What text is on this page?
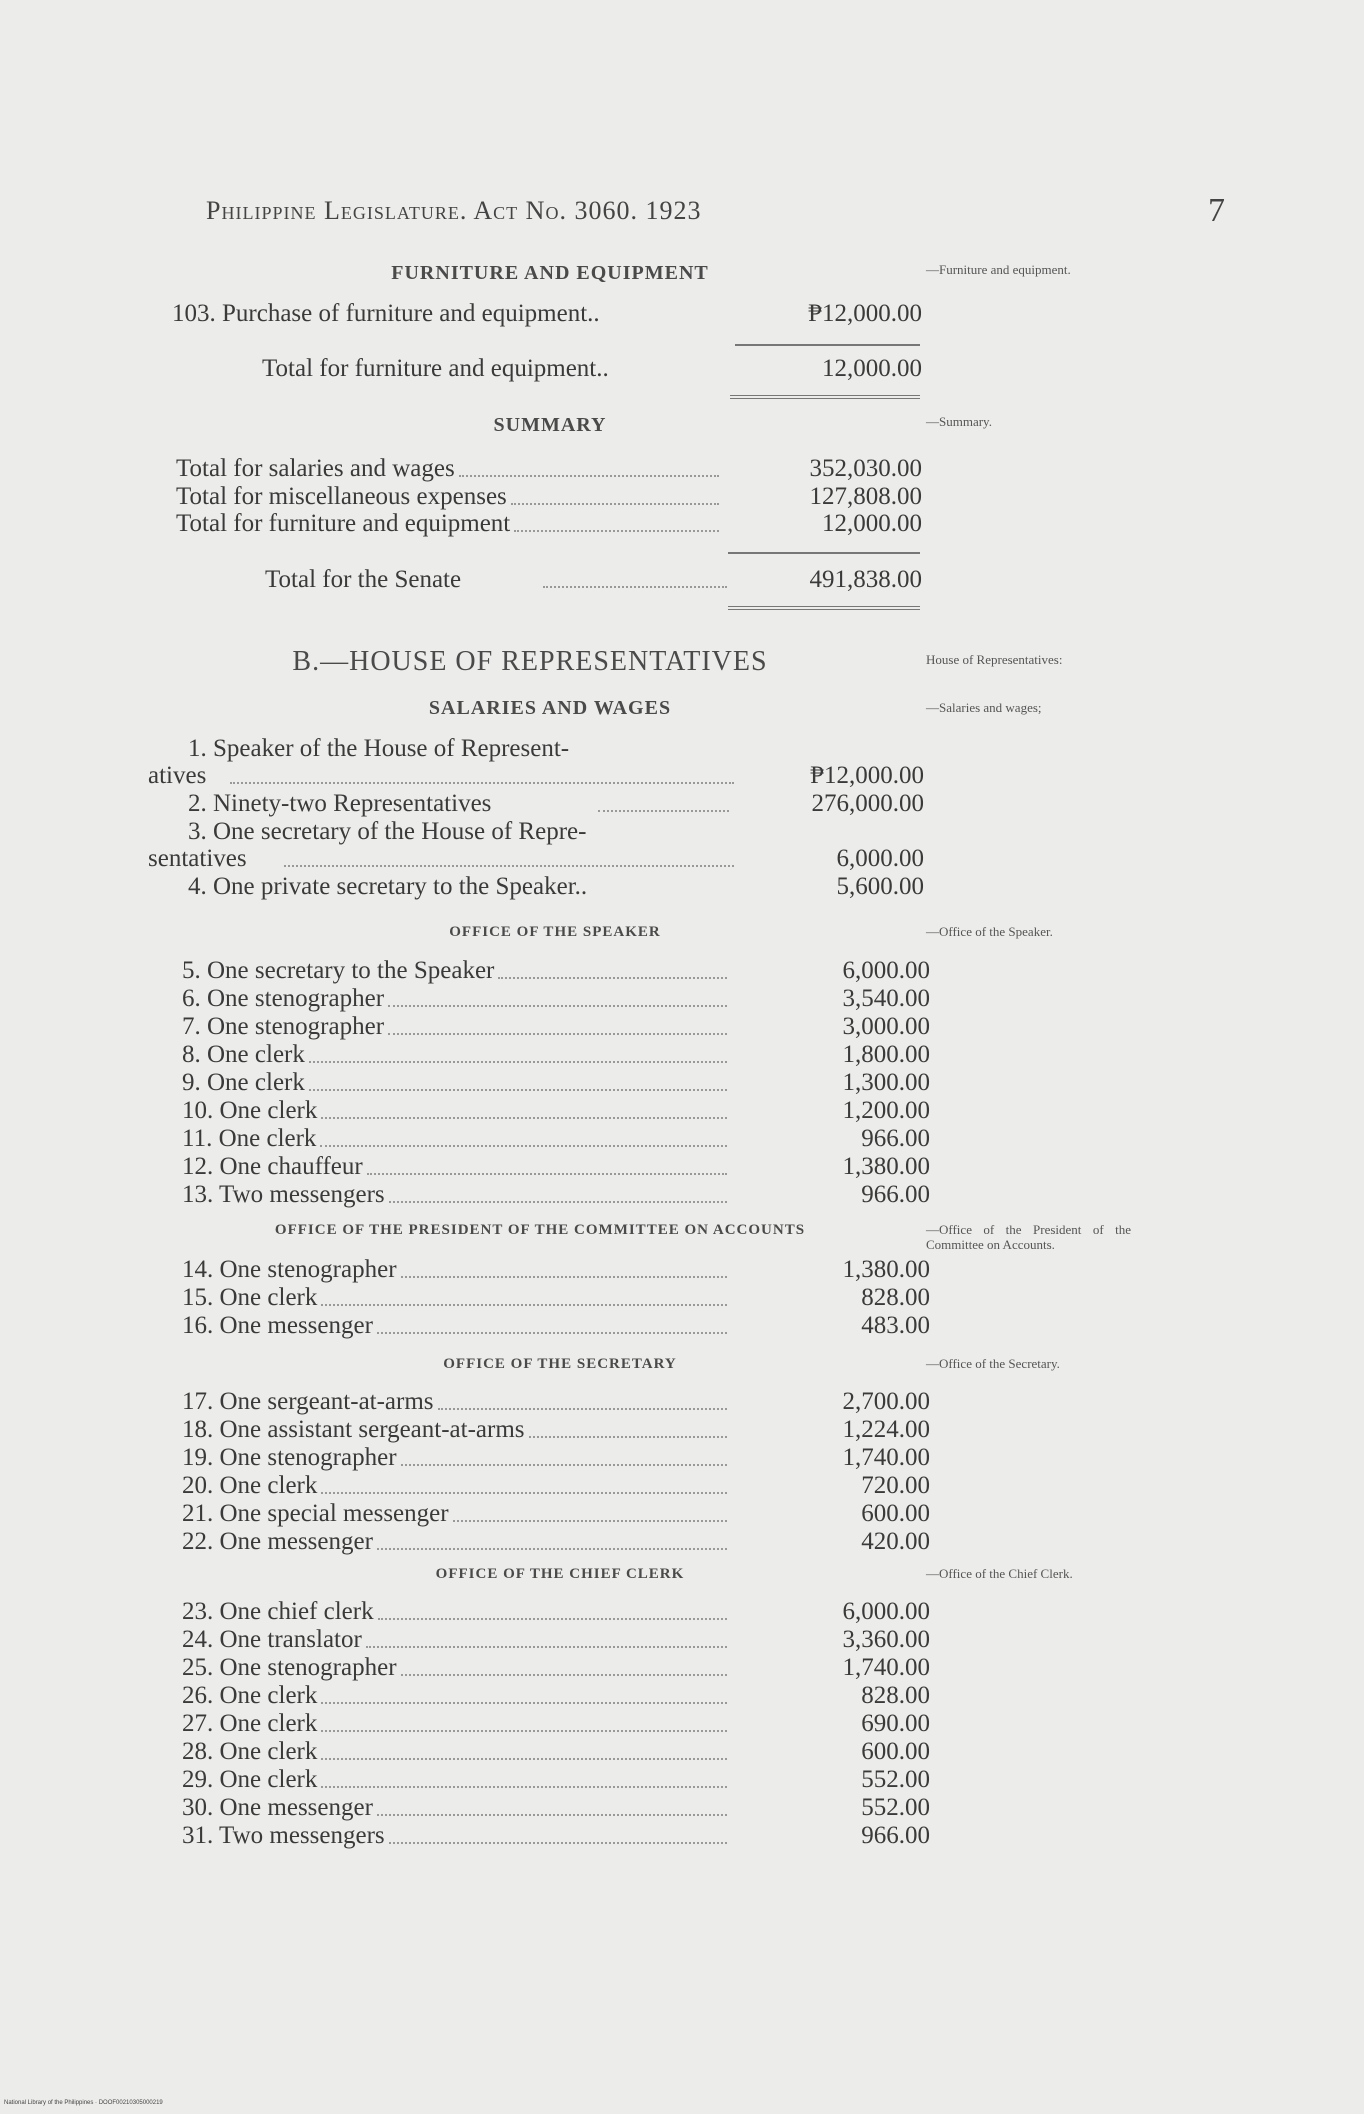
Philippine Legislature. Act No. 3060. 1923	7
FURNITURE AND EQUIPMENT	—Furniture and equipment.
103. Purchase of furniture and equipment..	₱12,000.00
Total for furniture and equipment..	12,000.00
SUMMARY	—Summary.
Total for salaries and wages	352,030.00
Total for miscellaneous expenses	127,808.00
Total for furniture and equipment	12,000.00
Total for the Senate	491,838.00
B.—HOUSE OF REPRESENTATIVES	House of Representatives:
SALARIES AND WAGES	—Salaries and wages;
1. Speaker of the House of Represent-
atives	₱12,000.00
2. Ninety-two Representatives	276,000.00
3. One secretary of the House of Repre-
sentatives	6,000.00
4. One private secretary to the Speaker..	5,600.00
OFFICE OF THE SPEAKER	—Office of the Speaker.
5. One secretary to the Speaker	6,000.00
6. One stenographer	3,540.00
7. One stenographer	3,000.00
8. One clerk	1,800.00
9. One clerk	1,300.00
10. One clerk	1,200.00
11. One clerk	966.00
12. One chauffeur	1,380.00
13. Two messengers	966.00
OFFICE OF THE PRESIDENT OF THE COMMITTEE ON ACCOUNTS	—Office of the President of the Committee on Accounts.
14. One stenographer	1,380.00
15. One clerk	828.00
16. One messenger	483.00
OFFICE OF THE SECRETARY	—Office of the Secretary.
17. One sergeant-at-arms	2,700.00
18. One assistant sergeant-at-arms	1,224.00
19. One stenographer	1,740.00
20. One clerk	720.00
21. One special messenger	600.00
22. One messenger	420.00
OFFICE OF THE CHIEF CLERK	—Office of the Chief Clerk.
23. One chief clerk	6,000.00
24. One translator	3,360.00
25. One stenographer	1,740.00
26. One clerk	828.00
27. One clerk	690.00
28. One clerk	600.00
29. One clerk	552.00
30. One messenger	552.00
31. Two messengers	966.00
National Library of the Philippines · DOOF00210305000219
